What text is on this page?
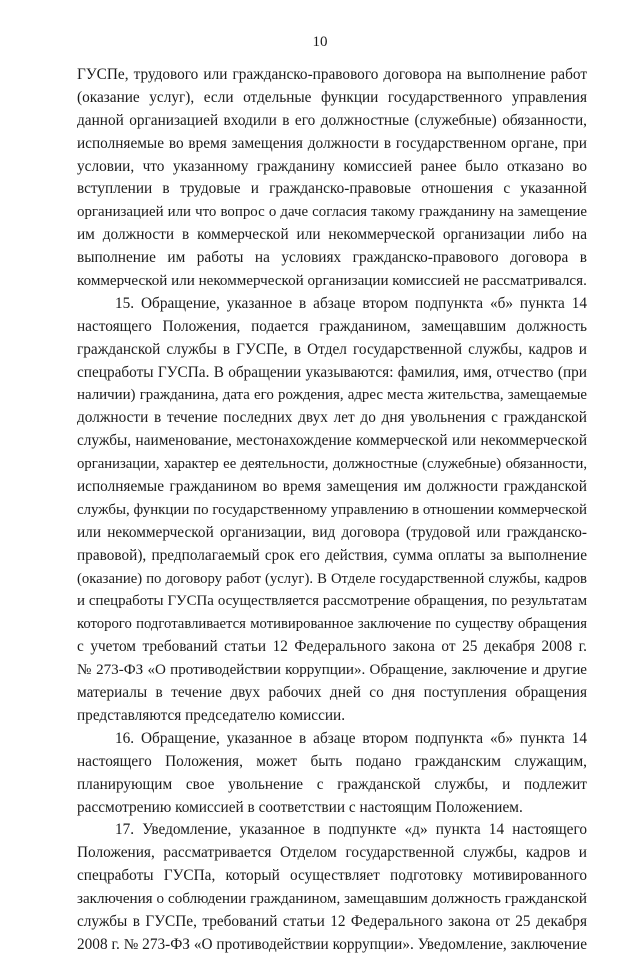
10
ГУСПе, трудового или гражданско-правового договора на выполнение работ
(оказание услуг), если отдельные функции государственного управления
данной организацией входили в его должностные (служебные) обязанности,
исполняемые во время замещения должности в государственном органе, при
условии, что указанному гражданину комиссией ранее было отказано во
вступлении в трудовые и гражданско-правовые отношения с указанной
организацией или что вопрос о даче согласия такому гражданину на замещение
им должности в коммерческой или некоммерческой организации либо на
выполнение им работы на условиях гражданско-правового договора в
коммерческой или некоммерческой организации комиссией не рассматривался.
15. Обращение, указанное в абзаце втором подпункта «б» пункта 14
настоящего Положения, подается гражданином, замещавшим должность
гражданской службы в ГУСПе, в Отдел государственной службы, кадров и
спецработы ГУСПа. В обращении указываются: фамилия, имя, отчество (при
наличии) гражданина, дата его рождения, адрес места жительства, замещаемые
должности в течение последних двух лет до дня увольнения с гражданской
службы, наименование, местонахождение коммерческой или некоммерческой
организации, характер ее деятельности, должностные (служебные) обязанности,
исполняемые гражданином во время замещения им должности гражданской
службы, функции по государственному управлению в отношении коммерческой
или некоммерческой организации, вид договора (трудовой или гражданско-
правовой), предполагаемый срок его действия, сумма оплаты за выполнение
(оказание) по договору работ (услуг). В Отделе государственной службы, кадров
и спецработы ГУСПа осуществляется рассмотрение обращения, по результатам
которого подготавливается мотивированное заключение по существу обращения
с учетом требований статьи 12 Федерального закона от 25 декабря 2008 г.
№ 273-ФЗ «О противодействии коррупции». Обращение, заключение и другие
материалы в течение двух рабочих дней со дня поступления обращения
представляются председателю комиссии.
16. Обращение, указанное в абзаце втором подпункта «б» пункта 14
настоящего Положения, может быть подано гражданским служащим,
планирующим свое увольнение с гражданской службы, и подлежит
рассмотрению комиссией в соответствии с настоящим Положением.
17. Уведомление, указанное в подпункте «д» пункта 14 настоящего
Положения, рассматривается Отделом государственной службы, кадров и
спецработы ГУСПа, который осуществляет подготовку мотивированного
заключения о соблюдении гражданином, замещавшим должность гражданской
службы в ГУСПе, требований статьи 12 Федерального закона от 25 декабря
2008 г. № 273-ФЗ «О противодействии коррупции». Уведомление, заключение
